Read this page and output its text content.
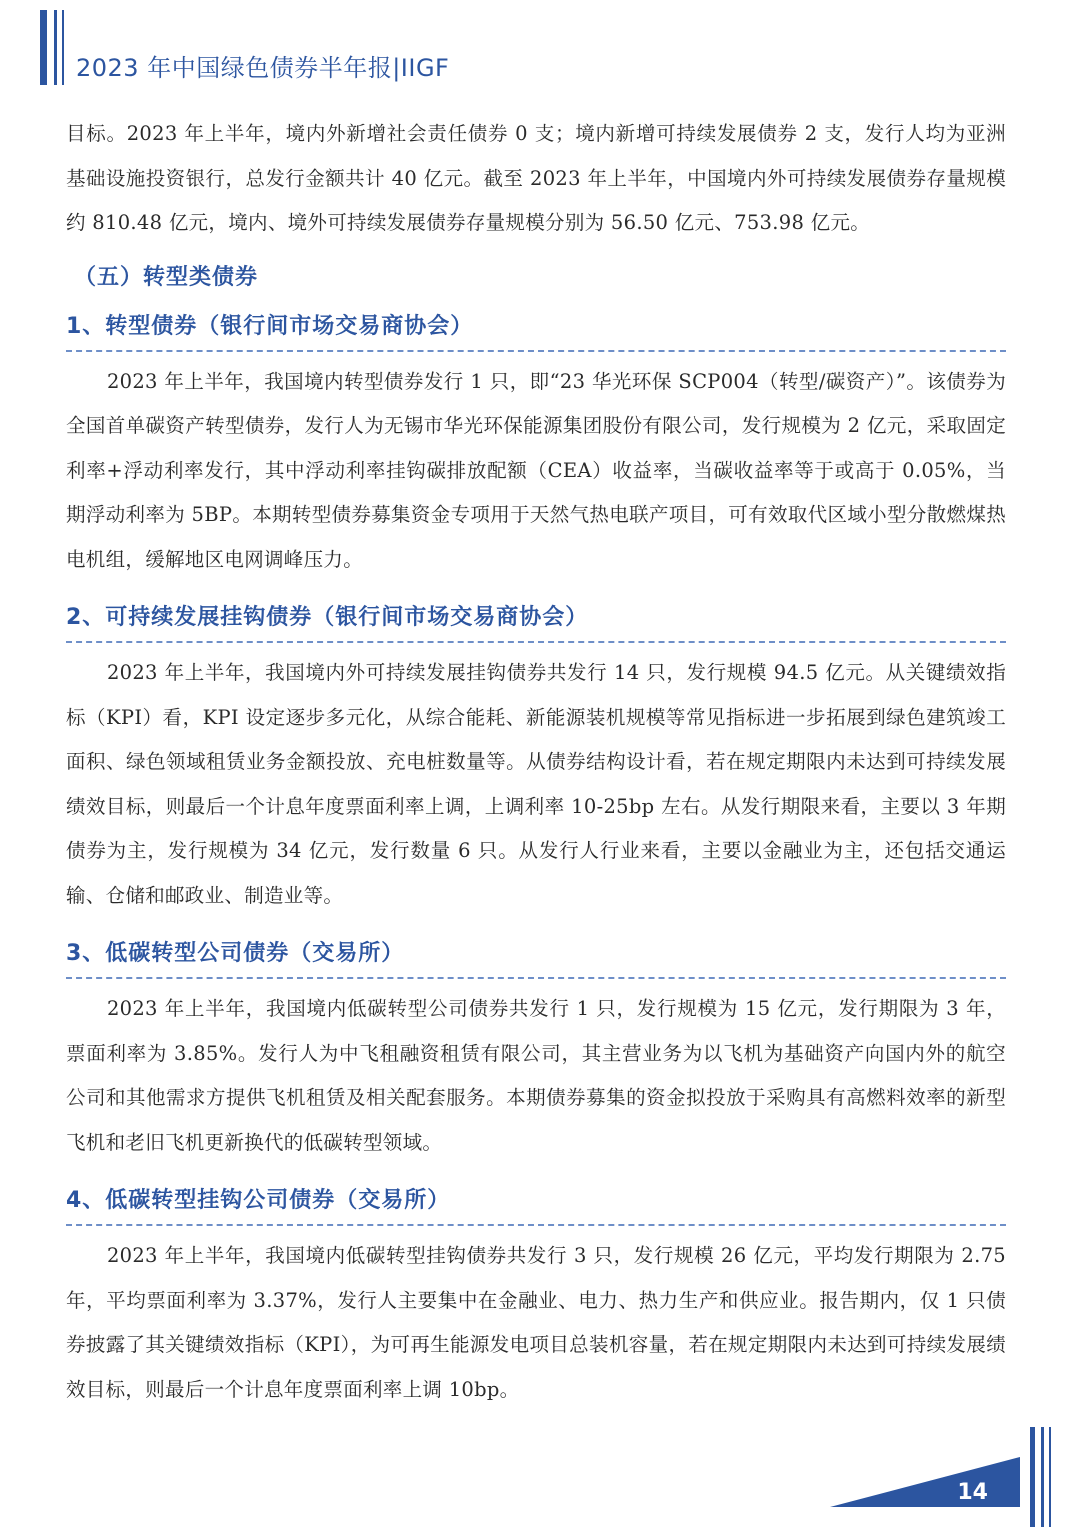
2023 年中国绿色债券半年报|IIGF

目标。2023 年上半年，境内外新增社会责任债券 0 支；境内新增可持续发展债券 2 支，发行人均为亚洲基础设施投资银行，总发行金额共计 40 亿元。截至 2023 年上半年，中国境内外可持续发展债券存量规模约 810.48 亿元，境内、境外可持续发展债券存量规模分别为 56.50 亿元、753.98 亿元。

（五）转型类债券
1、转型债券（银行间市场交易商协会）

2023 年上半年，我国境内转型债券发行 1 只，即“23 华光环保 SCP004（转型/碳资产）”。该债券为全国首单碳资产转型债券，发行人为无锡市华光环保能源集团股份有限公司，发行规模为 2 亿元，采取固定利率+浮动利率发行，其中浮动利率挂钩碳排放配额（CEA）收益率，当碳收益率等于或高于 0.05%，当期浮动利率为 5BP。本期转型债券募集资金专项用于天然气热电联产项目，可有效取代区域小型分散燃煤热电机组，缓解地区电网调峰压力。

2、可持续发展挂钩债券（银行间市场交易商协会）

2023 年上半年，我国境内外可持续发展挂钩债券共发行 14 只，发行规模 94.5 亿元。从关键绩效指标（KPI）看，KPI 设定逐步多元化，从综合能耗、新能源装机规模等常见指标进一步拓展到绿色建筑竣工面积、绿色领域租赁业务金额投放、充电桩数量等。从债券结构设计看，若在规定期限内未达到可持续发展绩效目标，则最后一个计息年度票面利率上调，上调利率 10-25bp 左右。从发行期限来看，主要以 3 年期债券为主，发行规模为 34 亿元，发行数量 6 只。从发行人行业来看，主要以金融业为主，还包括交通运输、仓储和邮政业、制造业等。

3、低碳转型公司债券（交易所）

2023 年上半年，我国境内低碳转型公司债券共发行 1 只，发行规模为 15 亿元，发行期限为 3 年，票面利率为 3.85%。发行人为中飞租融资租赁有限公司，其主营业务为以飞机为基础资产向国内外的航空公司和其他需求方提供飞机租赁及相关配套服务。本期债券募集的资金拟投放于采购具有高燃料效率的新型飞机和老旧飞机更新换代的低碳转型领域。

4、低碳转型挂钩公司债券（交易所）

2023 年上半年，我国境内低碳转型挂钩债券共发行 3 只，发行规模 26 亿元，平均发行期限为 2.75 年，平均票面利率为 3.37%，发行人主要集中在金融业、电力、热力生产和供应业。报告期内，仅 1 只债券披露了其关键绩效指标（KPI），为可再生能源发电项目总装机容量，若在规定期限内未达到可持续发展绩效目标，则最后一个计息年度票面利率上调 10bp。

14
